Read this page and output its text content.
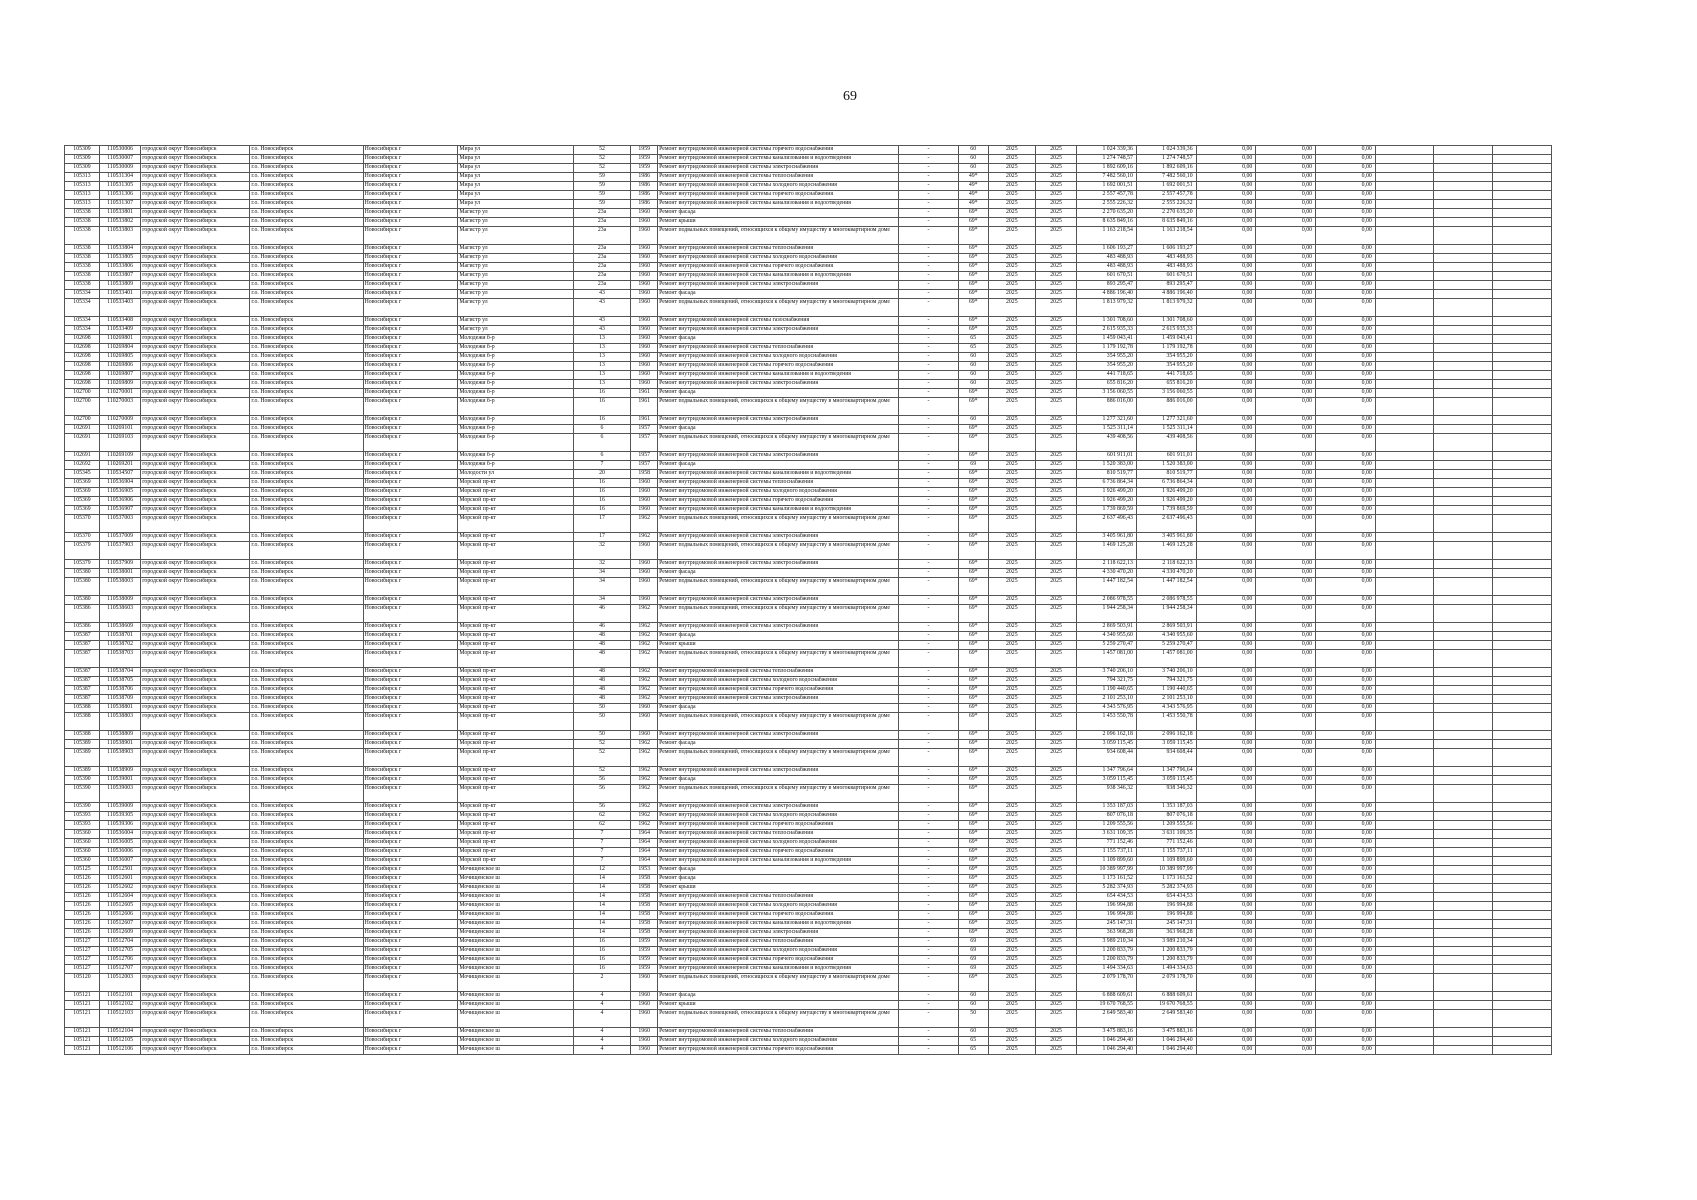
69
105309	110530006	городской округ Новосибирск	г.о. Новосибирск	Новосибирск г	Мира ул	52	1959	Ремонт внутридомовой инженерной системы горячего водоснабжения	-	60	2025	2025	1 024 339,36	1 024 339,36	0,00	0,00	0,00			
105309	110530007	городской округ Новосибирск	г.о. Новосибирск	Новосибирск г	Мира ул	52	1959	Ремонт внутридомовой инженерной системы канализования и водоотведения	-	60	2025	2025	1 274 748,57	1 274 748,57	0,00	0,00	0,00			
105309	110530009	городской округ Новосибирск	г.о. Новосибирск	Новосибирск г	Мира ул	52	1959	Ремонт внутридомовой инженерной системы электроснабжения	-	60	2025	2025	1 892 609,16	1 892 609,16	0,00	0,00	0,00			
105313	110531304	городской округ Новосибирск	г.о. Новосибирск	Новосибирск г	Мира ул	59	1986	Ремонт внутридомовой инженерной системы теплоснабжения	-	49*	2025	2025	7 482 560,10	7 482 560,10	0,00	0,00	0,00			
105313	110531305	городской округ Новосибирск	г.о. Новосибирск	Новосибирск г	Мира ул	59	1986	Ремонт внутридомовой инженерной системы холодного водоснабжения	-	49*	2025	2025	1 692 001,51	1 692 001,51	0,00	0,00	0,00			
105313	110531306	городской округ Новосибирск	г.о. Новосибирск	Новосибирск г	Мира ул	59	1986	Ремонт внутридомовой инженерной системы горячего водоснабжения	-	49*	2025	2025	2 557 457,78	2 557 457,78	0,00	0,00	0,00			
105313	110531307	городской округ Новосибирск	г.о. Новосибирск	Новосибирск г	Мира ул	59	1986	Ремонт внутридомовой инженерной системы канализования и водоотведения	-	49*	2025	2025	2 555 226,32	2 555 226,32	0,00	0,00	0,00			
105338	110533801	городской округ Новосибирск	г.о. Новосибирск	Новосибирск г	Магистр ул	23а	1960	Ремонт фасада	-	69*	2025	2025	2 270 635,20	2 270 635,20	0,00	0,00	0,00			
105338	110533802	городской округ Новосибирск	г.о. Новосибирск	Новосибирск г	Магистр ул	23а	1960	Ремонт крыши	-	69*	2025	2025	8 635 849,16	8 635 849,16	0,00	0,00	0,00			
105338	110533803	городской округ Новосибирск	г.о. Новосибирск	Новосибирск г	Магистр ул	23а	1960	Ремонт подвальных помещений, относящихся к общему имуществу в многоквартирном доме	-	69*	2025	2025	1 163 218,54	1 163 218,54	0,00	0,00	0,00			
105338	110533804	городской округ Новосибирск	г.о. Новосибирск	Новосибирск г	Магистр ул	23а	1960	Ремонт внутридомовой инженерной системы теплоснабжения	-	69*	2025	2025	1 606 193,27	1 606 193,27	0,00	0,00	0,00			
105338	110533805	городской округ Новосибирск	г.о. Новосибирск	Новосибирск г	Магистр ул	23а	1960	Ремонт внутридомовой инженерной системы холодного водоснабжения	-	69*	2025	2025	483 488,93	483 488,93	0,00	0,00	0,00			
105338	110533806	городской округ Новосибирск	г.о. Новосибирск	Новосибирск г	Магистр ул	23а	1960	Ремонт внутридомовой инженерной системы горячего водоснабжения	-	69*	2025	2025	483 488,93	483 488,93	0,00	0,00	0,00			
105338	110533807	городской округ Новосибирск	г.о. Новосибирск	Новосибирск г	Магистр ул	23а	1960	Ремонт внутридомовой инженерной системы канализования и водоотведения	-	69*	2025	2025	601 670,51	601 670,51	0,00	0,00	0,00			
105338	110533809	городской округ Новосибирск	г.о. Новосибирск	Новосибирск г	Магистр ул	23а	1960	Ремонт внутридомовой инженерной системы электроснабжения	-	69*	2025	2025	893 295,47	893 295,47	0,00	0,00	0,00			
105334	110533401	городской округ Новосибирск	г.о. Новосибирск	Новосибирск г	Магистр ул	43	1960	Ремонт фасада	-	69*	2025	2025	4 886 196,40	4 886 196,40	0,00	0,00	0,00			
105334	110533403	городской округ Новосибирск	г.о. Новосибирск	Новосибирск г	Магистр ул	43	1960	Ремонт подвальных помещений, относящихся к общему имуществу в многоквартирном доме	-	69*	2025	2025	1 813 979,32	1 813 979,32	0,00	0,00	0,00			
105334	110533408	городской округ Новосибирск	г.о. Новосибирск	Новосибирск г	Магистр ул	43	1960	Ремонт внутридомовой инженерной системы газоснабжения	-	69*	2025	2025	1 301 708,60	1 301 708,60	0,00	0,00	0,00			
105334	110533409	городской округ Новосибирск	г.о. Новосибирск	Новосибирск г	Магистр ул	43	1960	Ремонт внутридомовой инженерной системы электроснабжения	-	69*	2025	2025	2 615 935,33	2 615 935,33	0,00	0,00	0,00			
102698	110269801	городской округ Новосибирск	г.о. Новосибирск	Новосибирск г	Молодежи б-р	13	1960	Ремонт фасада	-	65	2025	2025	1 459 043,41	1 459 043,41	0,00	0,00	0,00			
102698	110269804	городской округ Новосибирск	г.о. Новосибирск	Новосибирск г	Молодежи б-р	13	1960	Ремонт внутридомовой инженерной системы теплоснабжения	-	65	2025	2025	1 179 192,78	1 179 192,78	0,00	0,00	0,00			
102698	110269805	городской округ Новосибирск	г.о. Новосибирск	Новосибирск г	Молодежи б-р	13	1960	Ремонт внутридомовой инженерной системы холодного водоснабжения	-	60	2025	2025	354 955,20	354 955,20	0,00	0,00	0,00			
102698	110269806	городской округ Новосибирск	г.о. Новосибирск	Новосибирск г	Молодежи б-р	13	1960	Ремонт внутридомовой инженерной системы горячего водоснабжения	-	60	2025	2025	354 955,20	354 955,20	0,00	0,00	0,00			
102698	110269807	городской округ Новосибирск	г.о. Новосибирск	Новосибирск г	Молодежи б-р	13	1960	Ремонт внутридомовой инженерной системы канализования и водоотведения	-	60	2025	2025	441 718,65	441 718,65	0,00	0,00	0,00			
102698	110269809	городской округ Новосибирск	г.о. Новосибирск	Новосибирск г	Молодежи б-р	13	1960	Ремонт внутридомовой инженерной системы электроснабжения	-	60	2025	2025	655 816,20	655 816,20	0,00	0,00	0,00			
102700	110270001	городской округ Новосибирск	г.о. Новосибирск	Новосибирск г	Молодежи б-р	16	1961	Ремонт фасада	-	69*	2025	2025	3 156 060,55	3 156 060,55	0,00	0,00	0,00			
102700	110270003	городской округ Новосибирск	г.о. Новосибирск	Новосибирск г	Молодежи б-р	16	1961	Ремонт подвальных помещений, относящихся к общему имуществу в многоквартирном доме	-	69*	2025	2025	886 016,00	886 016,00	0,00	0,00	0,00			
102700	110270009	городской округ Новосибирск	г.о. Новосибирск	Новосибирск г	Молодежи б-р	16	1961	Ремонт внутридомовой инженерной системы электроснабжения	-	60	2025	2025	1 277 321,60	1 277 321,60	0,00	0,00	0,00			
102691	110269101	городской округ Новосибирск	г.о. Новосибирск	Новосибирск г	Молодежи б-р	6	1957	Ремонт фасада	-	69*	2025	2025	1 525 311,14	1 525 311,14	0,00	0,00	0,00			
102691	110269103	городской округ Новосибирск	г.о. Новосибирск	Новосибирск г	Молодежи б-р	6	1957	Ремонт подвальных помещений, относящихся к общему имуществу в многоквартирном доме	-	69*	2025	2025	439 408,56	439 408,56	0,00	0,00	0,00			
102691	110269109	городской округ Новосибирск	г.о. Новосибирск	Новосибирск г	Молодежи б-р	6	1957	Ремонт внутридомовой инженерной системы электроснабжения	-	69*	2025	2025	601 911,01	601 911,01	0,00	0,00	0,00			
102692	110269201	городской округ Новосибирск	г.о. Новосибирск	Новосибирск г	Молодежи б-р	7	1957	Ремонт фасада	-	69	2025	2025	1 520 383,00	1 520 383,00	0,00	0,00	0,00			
105345	110534507	городской округ Новосибирск	г.о. Новосибирск	Новосибирск г	Молодости ул	20	1958	Ремонт внутридомовой инженерной системы канализования и водоотведения	-	69*	2025	2025	810 519,77	810 519,77	0,00	0,00	0,00			
105369	110536904	городской округ Новосибирск	г.о. Новосибирск	Новосибирск г	Морской пр-кт	16	1960	Ремонт внутридомовой инженерной системы теплоснабжения	-	69*	2025	2025	6 736 864,34	6 736 864,34	0,00	0,00	0,00			
105369	110536905	городской округ Новосибирск	г.о. Новосибирск	Новосибирск г	Морской пр-кт	16	1960	Ремонт внутридомовой инженерной системы холодного водоснабжения	-	69*	2025	2025	1 926 499,20	1 926 499,20	0,00	0,00	0,00			
105369	110536906	городской округ Новосибирск	г.о. Новосибирск	Новосибирск г	Морской пр-кт	16	1960	Ремонт внутридомовой инженерной системы горячего водоснабжения	-	69*	2025	2025	1 926 499,20	1 926 499,20	0,00	0,00	0,00			
105369	110536907	городской округ Новосибирск	г.о. Новосибирск	Новосибирск г	Морской пр-кт	16	1960	Ремонт внутридомовой инженерной системы канализования и водоотведения	-	69*	2025	2025	1 739 869,59	1 739 869,59	0,00	0,00	0,00			
105370	110537003	городской округ Новосибирск	г.о. Новосибирск	Новосибирск г	Морской пр-кт	17	1962	Ремонт подвальных помещений, относящихся к общему имуществу в многоквартирном доме	-	69*	2025	2025	2 637 496,43	2 637 496,43	0,00	0,00	0,00			
105370	110537009	городской округ Новосибирск	г.о. Новосибирск	Новосибирск г	Морской пр-кт	17	1962	Ремонт внутридомовой инженерной системы электроснабжения	-	69*	2025	2025	3 405 961,80	3 405 961,80	0,00	0,00	0,00			
105379	110537903	городской округ Новосибирск	г.о. Новосибирск	Новосибирск г	Морской пр-кт	32	1960	Ремонт подвальных помещений, относящихся к общему имуществу в многоквартирном доме	-	69*	2025	2025	1 469 125,28	1 469 125,28	0,00	0,00	0,00			
105379	110537909	городской округ Новосибирск	г.о. Новосибирск	Новосибирск г	Морской пр-кт	32	1960	Ремонт внутридомовой инженерной системы электроснабжения	-	69*	2025	2025	2 118 622,13	2 118 622,13	0,00	0,00	0,00			
105380	110538001	городской округ Новосибирск	г.о. Новосибирск	Новосибирск г	Морской пр-кт	34	1960	Ремонт фасада	-	69*	2025	2025	4 330 470,20	4 330 470,20	0,00	0,00	0,00			
105380	110538003	городской округ Новосибирск	г.о. Новосибирск	Новосибирск г	Морской пр-кт	34	1960	Ремонт подвальных помещений, относящихся к общему имуществу в многоквартирном доме	-	69*	2025	2025	1 447 182,54	1 447 182,54	0,00	0,00	0,00			
105380	110538009	городской округ Новосибирск	г.о. Новосибирск	Новосибирск г	Морской пр-кт	34	1960	Ремонт внутридомовой инженерной системы электроснабжения	-	69*	2025	2025	2 086 978,55	2 086 978,55	0,00	0,00	0,00			
105386	110538603	городской округ Новосибирск	г.о. Новосибирск	Новосибирск г	Морской пр-кт	46	1962	Ремонт подвальных помещений, относящихся к общему имуществу в многоквартирном доме	-	69*	2025	2025	1 944 258,34	1 944 258,34	0,00	0,00	0,00			
105386	110538609	городской округ Новосибирск	г.о. Новосибирск	Новосибирск г	Морской пр-кт	46	1962	Ремонт внутридомовой инженерной системы электроснабжения	-	69*	2025	2025	2 869 503,91	2 869 503,91	0,00	0,00	0,00			
105387	110538701	городской округ Новосибирск	г.о. Новосибирск	Новосибирск г	Морской пр-кт	48	1962	Ремонт фасада	-	69*	2025	2025	4 340 955,60	4 340 955,60	0,00	0,00	0,00			
105387	110538702	городской округ Новосибирск	г.о. Новосибирск	Новосибирск г	Морской пр-кт	48	1962	Ремонт крыши	-	69*	2025	2025	5 259 270,47	5 259 270,47	0,00	0,00	0,00			
105387	110538703	городской округ Новосибирск	г.о. Новосибирск	Новосибирск г	Морской пр-кт	48	1962	Ремонт подвальных помещений, относящихся к общему имуществу в многоквартирном доме	-	69*	2025	2025	1 457 081,00	1 457 081,00	0,00	0,00	0,00			
105387	110538704	городской округ Новосибирск	г.о. Новосибирск	Новосибирск г	Морской пр-кт	48	1962	Ремонт внутридомовой инженерной системы теплоснабжения	-	69*	2025	2025	3 740 206,10	3 740 206,10	0,00	0,00	0,00			
105387	110538705	городской округ Новосибирск	г.о. Новосибирск	Новосибирск г	Морской пр-кт	48	1962	Ремонт внутридомовой инженерной системы холодного водоснабжения	-	69*	2025	2025	794 321,75	794 321,75	0,00	0,00	0,00			
105387	110538706	городской округ Новосибирск	г.о. Новосибирск	Новосибирск г	Морской пр-кт	48	1962	Ремонт внутридомовой инженерной системы горячего водоснабжения	-	69*	2025	2025	1 190 440,65	1 190 440,65	0,00	0,00	0,00			
105387	110538709	городской округ Новосибирск	г.о. Новосибирск	Новосибирск г	Морской пр-кт	48	1962	Ремонт внутридомовой инженерной системы электроснабжения	-	69*	2025	2025	2 101 253,10	2 101 253,10	0,00	0,00	0,00			
105388	110538801	городской округ Новосибирск	г.о. Новосибирск	Новосибирск г	Морской пр-кт	50	1960	Ремонт фасада	-	69*	2025	2025	4 343 576,95	4 343 576,95	0,00	0,00	0,00			
105388	110538803	городской округ Новосибирск	г.о. Новосибирск	Новосибирск г	Морской пр-кт	50	1960	Ремонт подвальных помещений, относящихся к общему имуществу в многоквартирном доме	-	69*	2025	2025	1 453 550,78	1 453 550,78	0,00	0,00	0,00			
105388	110538809	городской округ Новосибирск	г.о. Новосибирск	Новосибирск г	Морской пр-кт	50	1960	Ремонт внутридомовой инженерной системы электроснабжения	-	69*	2025	2025	2 096 162,18	2 096 162,18	0,00	0,00	0,00			
105389	110538901	городской округ Новосибирск	г.о. Новосибирск	Новосибирск г	Морской пр-кт	52	1962	Ремонт фасада	-	69*	2025	2025	3 059 115,45	3 059 115,45	0,00	0,00	0,00			
105389	110538903	городской округ Новосибирск	г.о. Новосибирск	Новосибирск г	Морской пр-кт	52	1962	Ремонт подвальных помещений, относящихся к общему имуществу в многоквартирном доме	-	69*	2025	2025	934 608,44	934 608,44	0,00	0,00	0,00			
105389	110538909	городской округ Новосибирск	г.о. Новосибирск	Новосибирск г	Морской пр-кт	52	1962	Ремонт внутридомовой инженерной системы электроснабжения	-	69*	2025	2025	1 347 796,64	1 347 796,64	0,00	0,00	0,00			
105390	110539001	городской округ Новосибирск	г.о. Новосибирск	Новосибирск г	Морской пр-кт	56	1962	Ремонт фасада	-	69*	2025	2025	3 059 115,45	3 059 115,45	0,00	0,00	0,00			
105390	110539003	городской округ Новосибирск	г.о. Новосибирск	Новосибирск г	Морской пр-кт	56	1962	Ремонт подвальных помещений, относящихся к общему имуществу в многоквартирном доме	-	69*	2025	2025	938 346,32	938 346,32	0,00	0,00	0,00			
105390	110539009	городской округ Новосибирск	г.о. Новосибирск	Новосибирск г	Морской пр-кт	56	1962	Ремонт внутридомовой инженерной системы электроснабжения	-	69*	2025	2025	1 353 187,03	1 353 187,03	0,00	0,00	0,00			
105393	110539305	городской округ Новосибирск	г.о. Новосибирск	Новосибирск г	Морской пр-кт	62	1962	Ремонт внутридомовой инженерной системы холодного водоснабжения	-	69*	2025	2025	807 076,18	807 076,18	0,00	0,00	0,00			
105393	110539306	городской округ Новосибирск	г.о. Новосибирск	Новосибирск г	Морской пр-кт	62	1962	Ремонт внутридомовой инженерной системы горячего водоснабжения	-	69*	2025	2025	1 209 555,56	1 209 555,56	0,00	0,00	0,00			
105360	110536004	городской округ Новосибирск	г.о. Новосибирск	Новосибирск г	Морской пр-кт	7	1964	Ремонт внутридомовой инженерной системы теплоснабжения	-	69*	2025	2025	3 631 109,35	3 631 109,35	0,00	0,00	0,00			
105360	110536005	городской округ Новосибирск	г.о. Новосибирск	Новосибирск г	Морской пр-кт	7	1964	Ремонт внутридомовой инженерной системы холодного водоснабжения	-	69*	2025	2025	771 152,46	771 152,46	0,00	0,00	0,00			
105360	110536006	городской округ Новосибирск	г.о. Новосибирск	Новосибирск г	Морской пр-кт	7	1964	Ремонт внутридомовой инженерной системы горячего водоснабжения	-	69*	2025	2025	1 155 737,11	1 155 737,11	0,00	0,00	0,00			
105360	110536007	городской округ Новосибирск	г.о. Новосибирск	Новосибирск г	Морской пр-кт	7	1964	Ремонт внутридомовой инженерной системы канализования и водоотведения	-	69*	2025	2025	1 109 899,60	1 109 899,60	0,00	0,00	0,00			
105125	110512501	городской округ Новосибирск	г.о. Новосибирск	Новосибирск г	Мочищенское ш	12	1953	Ремонт фасада	-	69*	2025	2025	10 389 997,99	10 389 997,99	0,00	0,00	0,00			
105126	110512601	городской округ Новосибирск	г.о. Новосибирск	Новосибирск г	Мочищенское ш	14	1958	Ремонт фасада	-	69*	2025	2025	1 173 161,52	1 173 161,52	0,00	0,00	0,00			
105126	110512602	городской округ Новосибирск	г.о. Новосибирск	Новосибирск г	Мочищенское ш	14	1958	Ремонт крыши	-	69*	2025	2025	5 282 374,93	5 282 374,93	0,00	0,00	0,00			
105126	110512604	городской округ Новосибирск	г.о. Новосибирск	Новосибирск г	Мочищенское ш	14	1958	Ремонт внутридомовой инженерной системы теплоснабжения	-	69*	2025	2025	654 434,53	654 434,53	0,00	0,00	0,00			
105126	110512605	городской округ Новосибирск	г.о. Новосибирск	Новосибирск г	Мочищенское ш	14	1958	Ремонт внутридомовой инженерной системы холодного водоснабжения	-	69*	2025	2025	196 994,88	196 994,88	0,00	0,00	0,00			
105126	110512606	городской округ Новосибирск	г.о. Новосибирск	Новосибирск г	Мочищенское ш	14	1958	Ремонт внутридомовой инженерной системы горячего водоснабжения	-	69*	2025	2025	196 994,88	196 994,88	0,00	0,00	0,00			
105126	110512607	городской округ Новосибирск	г.о. Новосибирск	Новосибирск г	Мочищенское ш	14	1958	Ремонт внутридомовой инженерной системы канализования и водоотведения	-	69*	2025	2025	245 147,31	245 147,31	0,00	0,00	0,00			
105126	110512609	городской округ Новосибирск	г.о. Новосибирск	Новосибирск г	Мочищенское ш	14	1958	Ремонт внутридомовой инженерной системы электроснабжения	-	69*	2025	2025	363 968,28	363 968,28	0,00	0,00	0,00			
105127	110512704	городской округ Новосибирск	г.о. Новосибирск	Новосибирск г	Мочищенское ш	16	1959	Ремонт внутридомовой инженерной системы теплоснабжения	-	69	2025	2025	3 989 210,34	3 989 210,34	0,00	0,00	0,00			
105127	110512705	городской округ Новосибирск	г.о. Новосибирск	Новосибирск г	Мочищенское ш	16	1959	Ремонт внутридомовой инженерной системы холодного водоснабжения	-	69	2025	2025	1 200 833,79	1 200 833,79	0,00	0,00	0,00			
105127	110512706	городской округ Новосибирск	г.о. Новосибирск	Новосибирск г	Мочищенское ш	16	1959	Ремонт внутридомовой инженерной системы горячего водоснабжения	-	69	2025	2025	1 200 833,79	1 200 833,79	0,00	0,00	0,00			
105127	110512707	городской округ Новосибирск	г.о. Новосибирск	Новосибирск г	Мочищенское ш	16	1959	Ремонт внутридомовой инженерной системы канализования и водоотведения	-	69	2025	2025	1 494 334,63	1 494 334,63	0,00	0,00	0,00			
105120	110512003	городской округ Новосибирск	г.о. Новосибирск	Новосибирск г	Мочищенское ш	2	1960	Ремонт подвальных помещений, относящихся к общему имуществу в многоквартирном доме	-	69*	2025	2025	2 079 178,70	2 079 178,70	0,00	0,00	0,00			
105121	110512101	городской округ Новосибирск	г.о. Новосибирск	Новосибирск г	Мочищенское ш	4	1960	Ремонт фасада	-	60	2025	2025	6 888 609,61	6 888 609,61	0,00	0,00	0,00			
105121	110512102	городской округ Новосибирск	г.о. Новосибирск	Новосибирск г	Мочищенское ш	4	1960	Ремонт крыши	-	60	2025	2025	19 670 768,55	19 670 768,55	0,00	0,00	0,00			
105121	110512103	городской округ Новосибирск	г.о. Новосибирск	Новосибирск г	Мочищенское ш	4	1960	Ремонт подвальных помещений, относящихся к общему имуществу в многоквартирном доме	-	50	2025	2025	2 649 583,40	2 649 583,40	0,00	0,00	0,00			
105121	110512104	городской округ Новосибирск	г.о. Новосибирск	Новосибирск г	Мочищенское ш	4	1960	Ремонт внутридомовой инженерной системы теплоснабжения	-	60	2025	2025	3 475 883,16	3 475 883,16	0,00	0,00	0,00			
105121	110512105	городской округ Новосибирск	г.о. Новосибирск	Новосибирск г	Мочищенское ш	4	1960	Ремонт внутридомовой инженерной системы холодного водоснабжения	-	65	2025	2025	1 046 294,40	1 046 294,40	0,00	0,00	0,00			
105121	110512106	городской округ Новосибирск	г.о. Новосибирск	Новосибирск г	Мочищенское ш	4	1960	Ремонт внутридомовой инженерной системы горячего водоснабжения	-	65	2025	2025	1 046 294,40	1 046 294,40	0,00	0,00	0,00			
